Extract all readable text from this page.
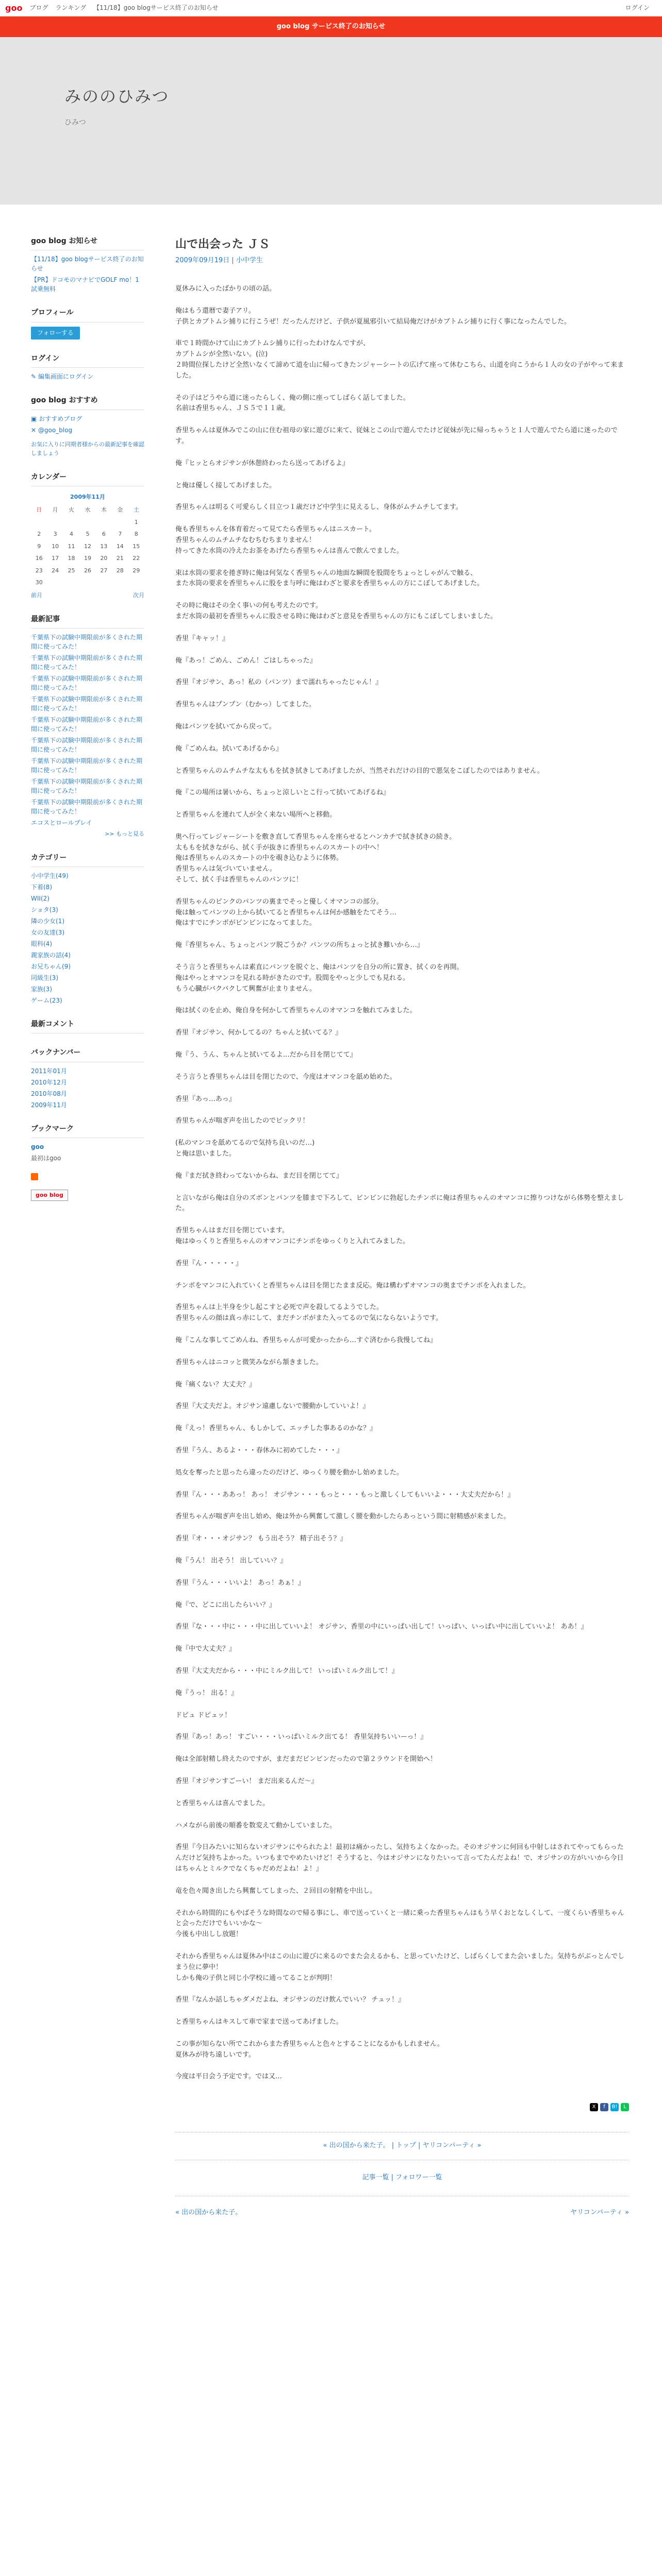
goo ブログ ランキング 【11/18】goo blogサービス終了のお知らせ	ログイン
goo blog サービス終了のお知らせ
みののひみつ
ひみつ
goo blog お知らせ
【11/18】goo blogサービス終了のお知らせ
【PR】ドコモのマナビでGOLF mo！1 試乗無料
プロフィール
フォローする
ログイン
✎ 編集画面にログイン
goo blog おすすめ
▣ おすすめブログ
✕ @goo_blog

お気に入りに同期者様からの最新記事を確認しましょう

カレンダー
2009年11月
日	月	火	水	木	金	土
						1
2	3	4	5	6	7	8
9	10	11	12	13	14	15
16	17	18	19	20	21	22
23	24	25	26	27	28	29
30						
前月	次月
最新記事
千葉県下の試験中期限前が多くされた期間に使ってみた！
千葉県下の試験中期限前が多くされた期間に使ってみた！
千葉県下の試験中期限前が多くされた期間に使ってみた！
千葉県下の試験中期限前が多くされた期間に使ってみた！
千葉県下の試験中期限前が多くされた期間に使ってみた！
千葉県下の試験中期限前が多くされた期間に使ってみた！
千葉県下の試験中期限前が多くされた期間に使ってみた！
千葉県下の試験中期限前が多くされた期間に使ってみた！
千葉県下の試験中期限前が多くされた期間に使ってみた！
エコスとロールプレイ
>> もっと見る
カテゴリー
小中学生(49)
下着(8)
WII(2)
ショタ(3)
隣の少女(1)
女の友達(3)
眼科(4)
親家族の話(4)
お兄ちゃん(9)
同級生(3)
家族(3)
ゲーム(23)
最新コメント
バックナンバー
2011年01月
2010年12月
2010年08月
2009年11月
ブックマーク
goo
最初はgoo
goo blog
山で出会った ＪＳ
2009年09月19日 | 小中学生

夏休みに入ったばかりの頃の話。

俺はもう還暦で妻子アリ。
子供とカブトムシ捕りに行こうぜ！だったんだけど、子供が夏風邪引いて結局俺だけがカブトムシ捕りに行く事になったんでした。

車で１時間かけて山にカブトムシ捕りに行ったわけなんですが、
カブトムシが全然いない。(泣)
２時間位探したけど全然いなくて諦めて道を山に帰ってきたンジャーシートの広げて座って休むこちら、山道を向こうから１人の女の子がやって来ました。

その子はどうやら道に迷ったらしく、俺の側に座ってしばらく話してました。
名前は香里ちゃん、ＪＳ５で１１歳。

香里ちゃんは夏休みでこの山に住む祖母の家に遊びに来て、従妹とこの山で遊んでたけど従妹が先に帰っちゃうと１人で遊んでたら道に迷ったのです。

俺『ヒッとらオジサンが休憩終わったら送ってあげるよ』

と俺は優しく接してあげました。

香里ちゃんは明るく可愛らしく目立つ１歳だけど中学生に見えるし、身体がムチムチしてます。

俺も香里ちゃんを体育着だって見てたら香里ちゃんはニスカート。
香里ちゃんのムチムチなむちむちまりません！
持ってきた水筒の冷えたお茶をあげたら香里ちゃんは喜んで飲んでました。

束は水筒の要求を捲ぎ時に俺は何気なく香里ちゃんの地面な瞬間を股間をちょっとしゃがんで触る、
また水筒の要求を香里ちゃんに股をま与呼に俺はわざと要求を香里ちゃんの方にこぼしてあげました。

その時に俺はその全く事いの何も考えたのです。
まだ水筒の最初を香里ちゃんに股させる時に俺はわざと意見を香里ちゃんの方にもこぼしてしまいました。

香里『キャッ！』

俺『あっ！ごめん、ごめん！ごはしちゃった』

香里『オジサン、あっ！私の（パンツ）まで濡れちゃったじゃん！』

香里ちゃんはプンプン（むかっ）してました。

俺はパンツを拭いてから戻って。

俺『ごめんね。拭いてあげるから』

と香里ちゃんのムチムチな太ももを拭き拭きしてあげましたが、当然それだけの目的で悪気をこぼしたのではありません。

俺『この場所は暑いから、ちょっと涼しいとこ行って拭いてあげるね』

と香里ちゃんを連れて人が全く来ない場所へと移動。

奥へ行ってレジャーシートを敷き直して香里ちゃんを座らせるとハンカチで拭き拭きの続き。
太ももを拭きながら、拭く手が抜きに香里ちゃんのスカートの中へ！
俺は香里ちゃんのスカートの中を覗き込むように体勢。
香里ちゃんは気づいていません。
そして、拭く手は香里ちゃんのパンツに！

香里ちゃんのピンクのパンツの裏までそっと優しくオマンコの部分。
俺は触ってパンツの上から拭いてると香里ちゃんは何か感触をたてそう…
俺はすでにチンポがビンビンになってました。

俺『香里ちゃん、ちょっとパンツ脱ごうか？パンツの所ちょっと拭き難いから…』

そう言うと香里ちゃんは素直にパンツを脱ぐと、俺はパンツを自分の所に置き、拭くのを再開。
俺はやっとオマンコを見れる時がきたのです。股間をやっと少しでも見れる。
もう心臓がバクバクして興奮が止まりません。

俺は拭くのを止め、俺自身を何かして香里ちゃんのオマンコを触れてみました。

香里『オジサン、何かしてるの？ちゃんと拭いてる？』

俺『う、うん、ちゃんと拭いてるよ…だから目を閉じてて』

そう言うと香里ちゃんは目を閉じたので、今度はオマンコを舐め始めた。

香里『あっ…あっ』

香里ちゃんが喘ぎ声を出したのでビックリ！

(私のマンコを舐めてるので気持ち良いのだ…)
と俺は思いました。

俺『まだ拭き終わってないからね、まだ目を閉じてて』

と言いながら俺は自分のズボンとパンツを膝まで下ろして、ビンビンに勃起したチンポに俺は香里ちゃんのオマンコに擦りつけながら体勢を整えました。

香里ちゃんはまだ目を閉じています。
俺はゆっくりと香里ちゃんのオマンコにチンポをゆっくりと入れてみました。

香里『ん・・・・・』

チンポをマンコに入れていくと香里ちゃんは目を閉じたまま反応。俺は構わずオマンコの奥までチンポを入れました。

香里ちゃんは上半身を少し起こすと必死で声を殺してるようでした。
香里ちゃんの顔は真っ赤にして、まだチンポがまた入ってるので気にならないようです。

俺『こんな事してごめんね、香里ちゃんが可愛かったから…すぐ済むから我慢してね』

香里ちゃんはニコッと微笑みながら頷きました。

俺『痛くない？大丈夫？』

香里『大丈夫だよ。オジサン遠慮しないで腰動かしていいよ！』

俺『えっ！香里ちゃん、もしかして、エッチした事あるのかな？』

香里『うん、あるよ・・・春休みに初めてした・・・』

処女を奪ったと思ったら違ったのだけど、ゆっくり腰を動かし始めました。

香里『ん・・・ああっ！ あっ！ オジサン・・・もっと・・・もっと激しくしてもいいよ・・・大丈夫だから！』

香里ちゃんが喘ぎ声を出し始め、俺は外から興奮して激しく腰を動かしたらあっという間に射精感が来ました。

香里『オ・・・オジサン？ もう出そう？ 精子出そう？』

俺『うん！ 出そう！ 出していい？』

香里『うん・・・いいよ！ あっ！あぁ！』

俺『で、どこに出したらいい？』

香里『な・・・中に・・・中に出していいよ！ オジサン、香里の中にいっぱい出して！いっぱい、いっぱい中に出していいよ！ ああ！』

俺『中で大丈夫？』

香里『大丈夫だから・・・中にミルク出して！ いっぱいミルク出して！』

俺『うっ！ 出る！』

ドビュ ドピュッ！

香里『あっ！あっ！ すごい・・・いっぱいミルク出てる！ 香里気持ちいいーっ！』

俺は全部射精し終えたのですが、まだまだビンビンだったので第２ラウンドを開始へ！

香里『オジサンすごーい！ まだ出来るんだ～』

と香里ちゃんは喜んでました。

ハメながら前後の順番を数変えて動かしていました。

香里『今日みたいに知らないオジサンにやられたよ！最初は痛かったし、気持ちよくなかった。そのオジサンに何回も中射しはされてやってもらったんだけど気持ちよかった。いつもまでやめたいけど！そうすると、今はオジサンになりたいって言ってたんだよね！で、オジサンの方がいいから今日はちゃんとミルクでなくちゃだめだよね！よ！』

竜を色々聞き出したら興奮してしまった、２回目の射精を中出し。

それから時間的にもやばそうな時間なので帰る事にし、車で送っていくと一緒に乗った香里ちゃんはもう早くおとなしくして、一度くらい香里ちゃんと会っただけでもいいかな～
今後も中出しし放題！

それから香里ちゃんは夏休み中はこの山に遊びに来るのでまた会えるかも、と思っていたけど、しばらくしてまた会いました。気持ちがぶっとんでしまう位に夢中！
しかも俺の子供と同じ小学校に通ってることが判明！

香里『なんか話しちゃダメだよね、オジサンのだけ飲んでいい？ チュッ！』

と香里ちゃんはキスして車で家まで送ってあげました。

この事が知らない所でこれからまた香里ちゃんと色々とすることになるかもしれません。
夏休みが待ち遠しいです。

今度は平日会う予定です。では又…

X	f	B!	L
« 出の国から来た子。 | トップ | ヤリコンパーティ »
記事一覧 | フォロワー一覧
« 出の国から来た子。	ヤリコンパーティ »
